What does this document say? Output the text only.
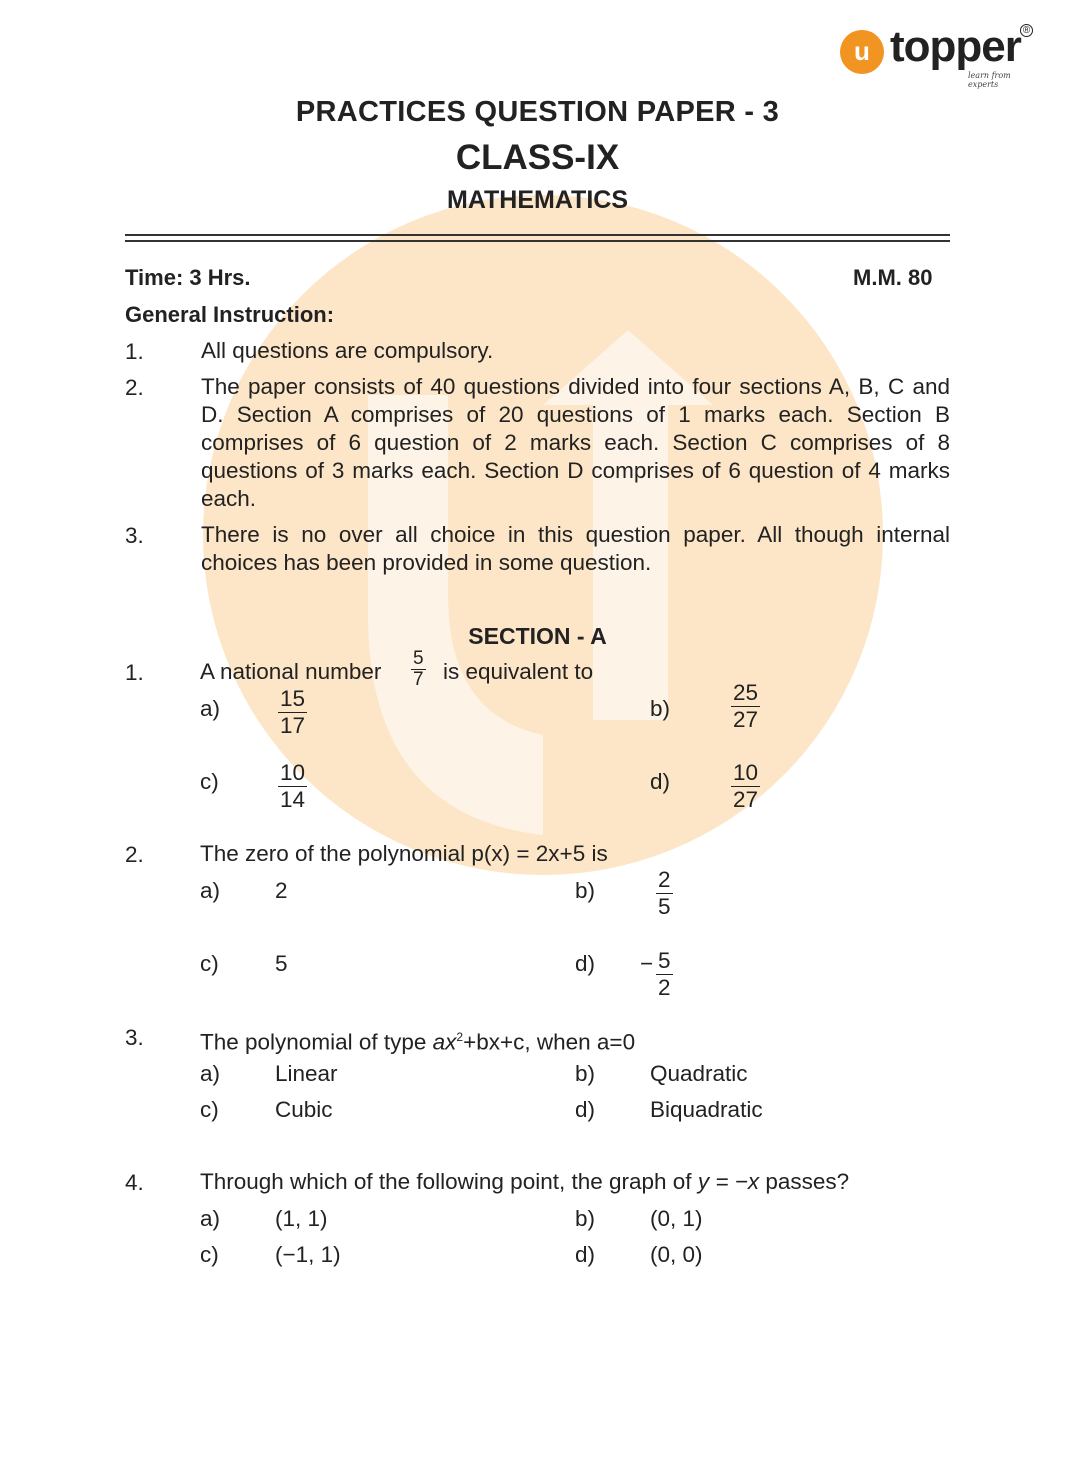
u topper
learn from experts
®
PRACTICES QUESTION PAPER - 3
CLASS-IX
MATHEMATICS
Time: 3 Hrs.	M.M. 80
General Instruction:
1.	All questions are compulsory.
2.	The paper consists of 40 questions divided into four sections A, B, C and D. Section A comprises of 20 questions of 1 marks each. Section B comprises of 6 question of 2 marks each. Section C comprises of 8 questions of 3 marks each. Section D comprises of 6 question of 4 marks each.
3.	There is no over all choice in this question paper. All though internal choices has been provided in some question.
SECTION - A
1. A national number $\frac{5}{7}$ is equivalent to
a)	$\frac{15}{17}$	b)	$\frac{25}{27}$
c)	$\frac{10}{14}$	d)	$\frac{10}{27}$
2. The zero of the polynomial p(x) = 2x+5 is
a) 2	b)	$\frac{2}{5}$
c)	5	$d) - \frac{5}{2}$
3. The polynomial of type $ax^2+bx+c$, when a=0
a) Linear	b) Quadratic
c)	Cubic	d) Biquadratic
4. Through which of the following point, the graph of y = −x passes?
a) (1, 1)	b) (0, 1)
c)	(−1, 1)	d) (0, 0)
